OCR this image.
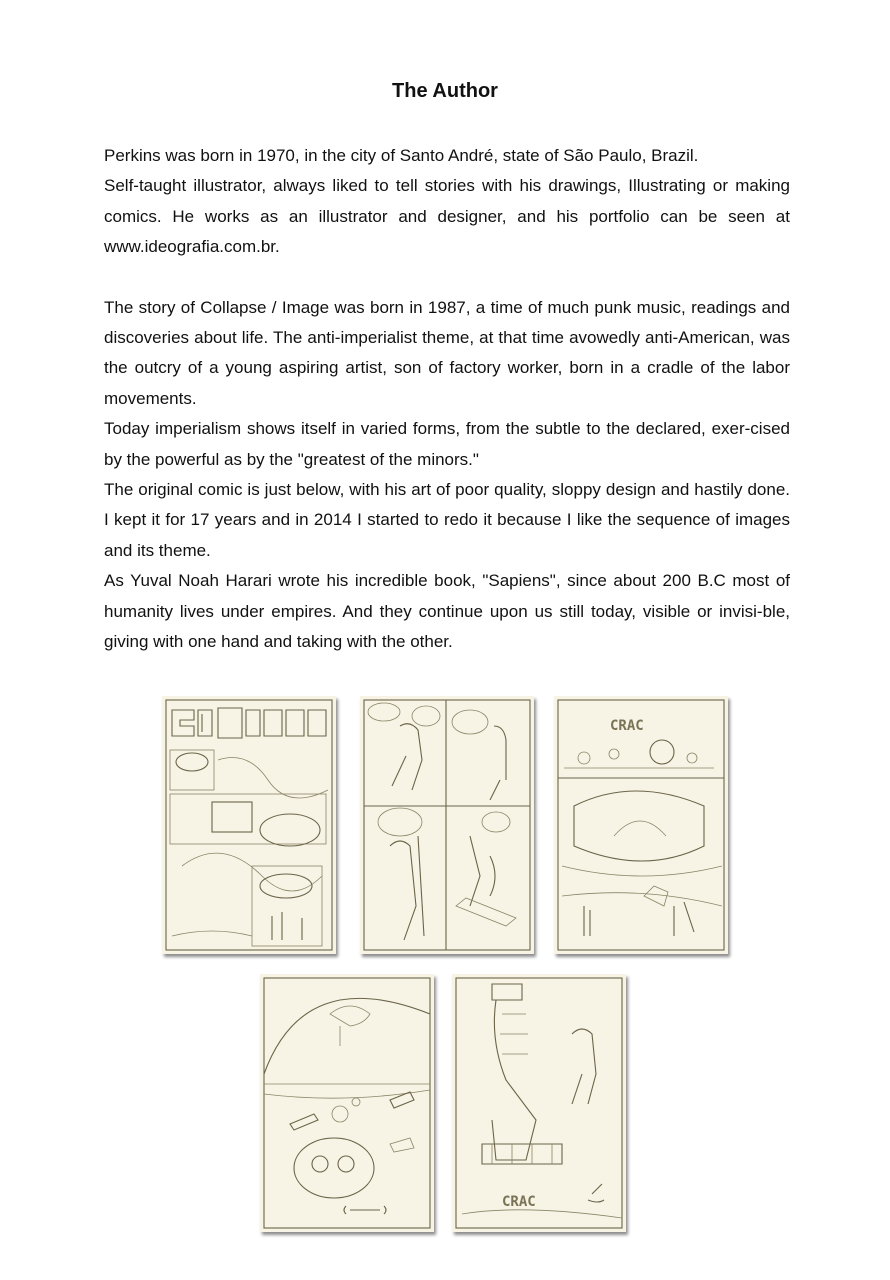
The Author

Perkins was born in 1970, in the city of Santo André, state of São Paulo, Brazil.

Self-taught illustrator, always liked to tell stories with his drawings, Illustrating or making comics. He works as an illustrator and designer, and his portfolio can be seen at www.ideografia.com.br.

The story of Collapse / Image was born in 1987, a time of much punk music, readings and discoveries about life. The anti-imperialist theme, at that time avowedly anti-American, was the outcry of a young aspiring artist, son of factory worker, born in a cradle of the labor movements.

Today imperialism shows itself in varied forms, from the subtle to the declared, exer-cised by the powerful as by the "greatest of the minors."

The original comic is just below, with his art of poor quality, sloppy design and hastily done. I kept it for 17 years and in 2014 I started to redo it because I like the sequence of images and its theme.

As Yuval Noah Harari wrote his incredible book, "Sapiens", since about 200 B.C most of humanity lives under empires. And they continue upon us still today, visible or invisi-ble, giving with one hand and taking with the other.

CRAC
CRAC
